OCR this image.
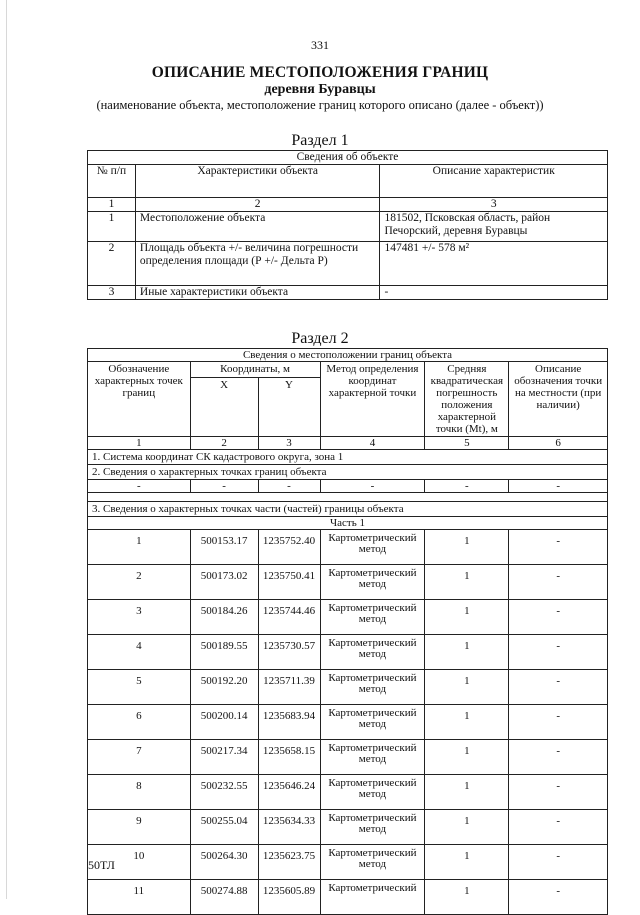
331
ОПИСАНИЕ МЕСТОПОЛОЖЕНИЯ ГРАНИЦ
деревня Буравцы
(наименование объекта, местоположение границ которого описано (далее - объект))
Раздел 1
Сведения об объекте		
№ п/п	Характеристики объекта	Описание характеристик
1	2	3
1	Местоположение объекта	181502, Псковская область, район Печорский, деревня Буравцы
2	Площадь объекта +/- величина погрешности определения площади (Р +/- Дельта Р)	147481 +/- 578 м²
3	Иные характеристики объекта	-
Раздел 2
Сведения о местоположении границ объекта					
Обозначение характерных точек границ	Координаты, м		Метод определения координат характерной точки	Средняя квадратическая погрешность положения характерной точки (Mt), м	Описание обозначения точки на местности (при наличии)
	X	Y			
1	2	3	4	5	6
1. Система координат СК кадастрового округа, зона 1					
2. Сведения о характерных точках границ объекта					
-	-	-	-	-	-

3. Сведения о характерных точках части (частей) границы объекта					
Часть 1					
1	500153.17	1235752.40	Картометрический метод	1	-
2	500173.02	1235750.41	Картометрический метод	1	-
3	500184.26	1235744.46	Картометрический метод	1	-
4	500189.55	1235730.57	Картометрический метод	1	-
5	500192.20	1235711.39	Картометрический метод	1	-
6	500200.14	1235683.94	Картометрический метод	1	-
7	500217.34	1235658.15	Картометрический метод	1	-
8	500232.55	1235646.24	Картометрический метод	1	-
9	500255.04	1235634.33	Картометрический метод	1	-
10	500264.30	1235623.75	Картометрический метод	1	-
11	500274.88	1235605.89	Картометрический	1	-
50ТЛ
